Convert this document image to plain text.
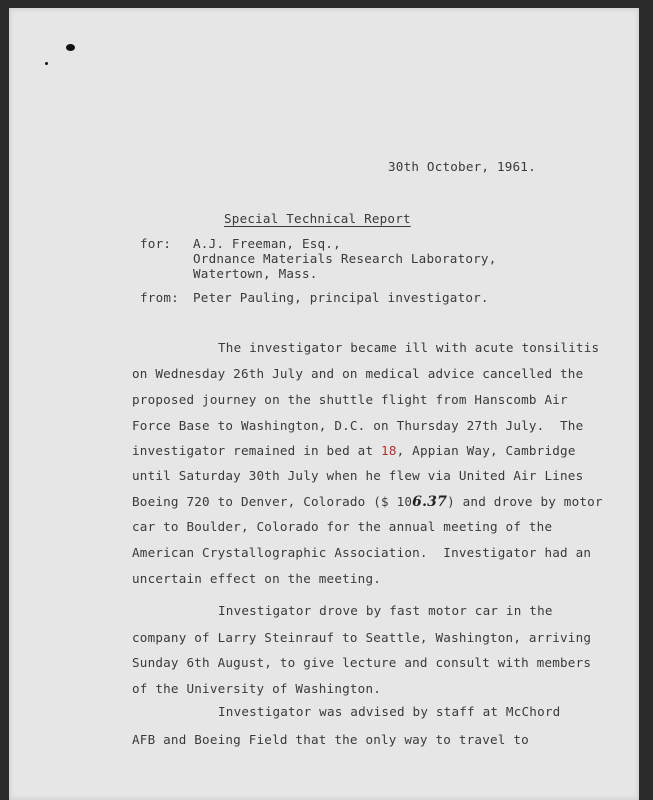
30th October, 1961.
Special Technical Report
for: A.J. Freeman, Esq.,
Ordnance Materials Research Laboratory,
Watertown, Mass.
from: Peter Pauling, principal investigator.
The investigator became ill with acute tonsilitis
on Wednesday 26th July and on medical advice cancelled the
proposed journey on the shuttle flight from Hanscomb Air
Force Base to Washington, D.C. on Thursday 27th July.  The
investigator remained in bed at 18, Appian Way, Cambridge
until Saturday 30th July when he flew via United Air Lines
Boeing 720 to Denver, Colorado ($ 106.37) and drove by motor
car to Boulder, Colorado for the annual meeting of the
American Crystallographic Association.  Investigator had an
uncertain effect on the meeting.
Investigator drove by fast motor car in the
company of Larry Steinrauf to Seattle, Washington, arriving
Sunday 6th August, to give lecture and consult with members
of the University of Washington.
Investigator was advised by staff at McChord
AFB and Boeing Field that the only way to travel to
